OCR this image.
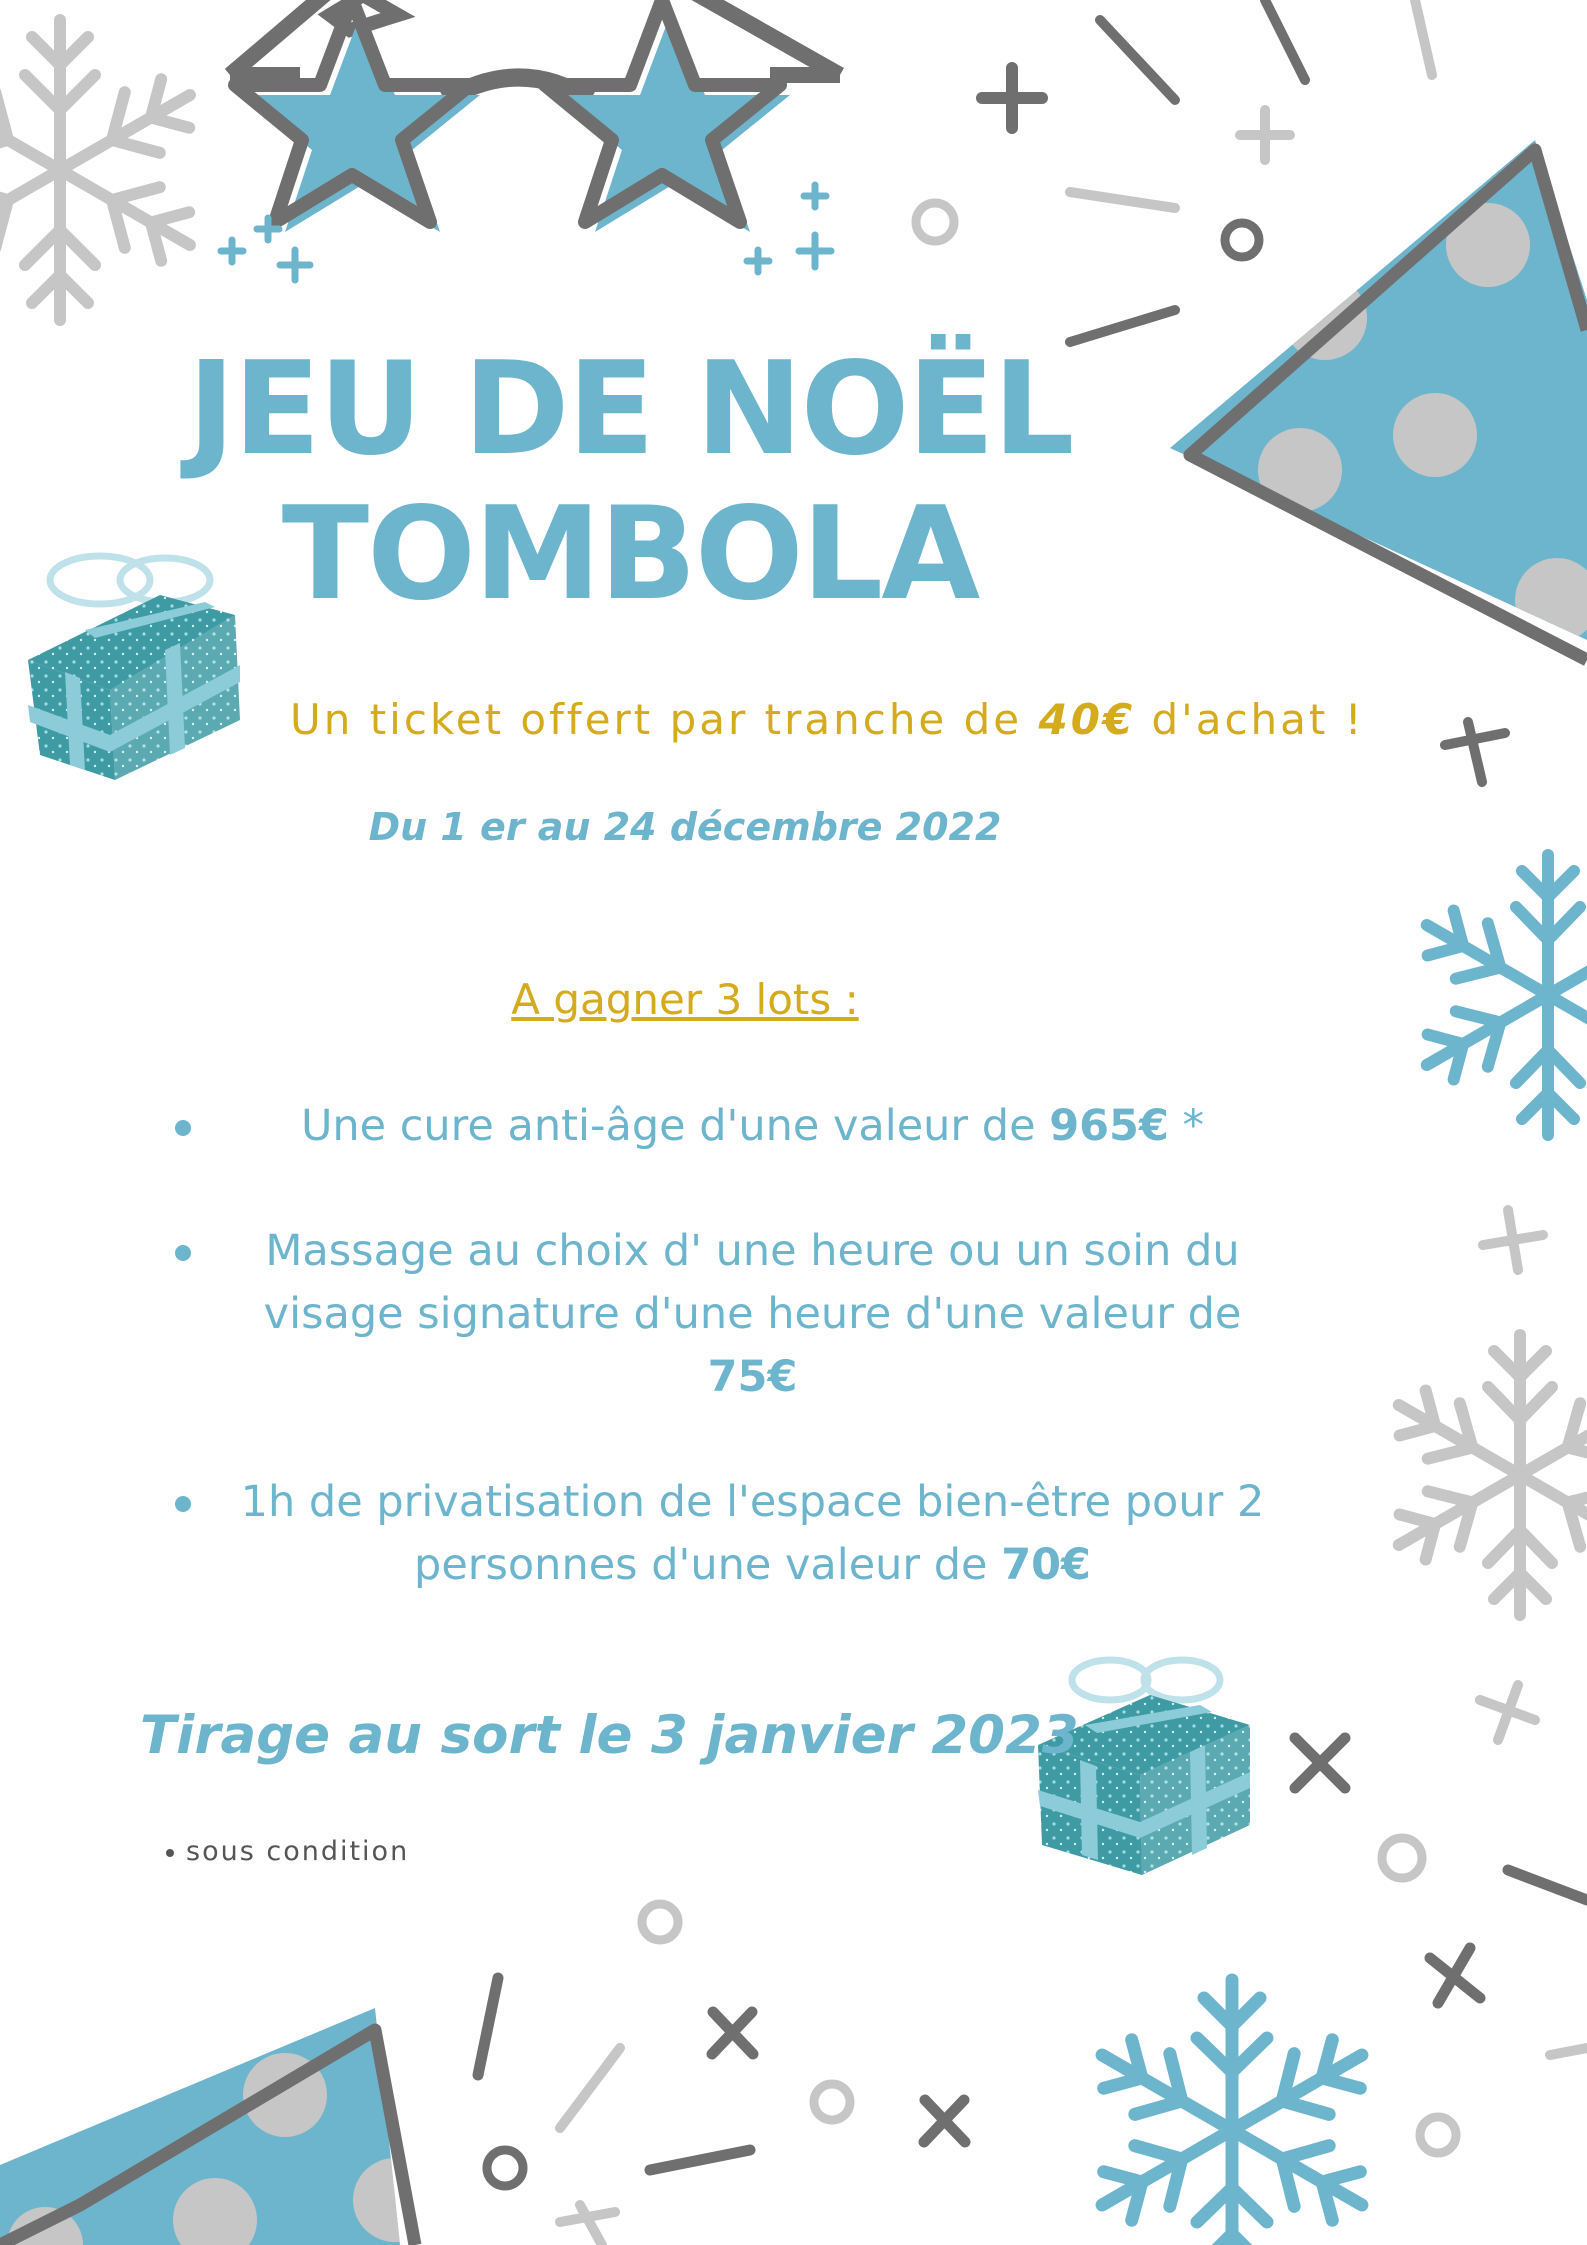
JEU DE NOËL
TOMBOLA
Un ticket offert par tranche de 40€ d'achat !
Du 1 er au 24 décembre 2022
A gagner 3 lots :
Une cure anti-âge d'une valeur de 965€ *
Massage au choix d' une heure ou un soin du visage signature d'une heure d'une valeur de 75€
1h de privatisation de l'espace bien-être pour 2 personnes d'une valeur de 70€
Tirage au sort le 3 janvier 2023
sous condition
